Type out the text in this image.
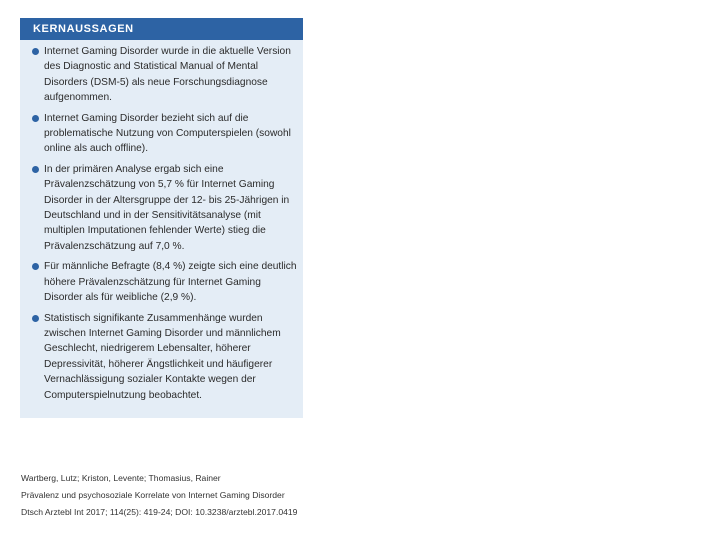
KERNAUSSAGEN
Internet Gaming Disorder wurde in die aktuelle Version des Diagnostic and Statistical Manual of Mental Disorders (DSM-5) als neue Forschungsdiagnose aufgenommen.
Internet Gaming Disorder bezieht sich auf die problematische Nutzung von Computerspielen (sowohl online als auch offline).
In der primären Analyse ergab sich eine Prävalenzschätzung von 5,7 % für Internet Gaming Disorder in der Altersgruppe der 12- bis 25-Jährigen in Deutschland und in der Sensitivitätsanalyse (mit multiplen Imputationen fehlender Werte) stieg die Prävalenzschätzung auf 7,0 %.
Für männliche Befragte (8,4 %) zeigte sich eine deutlich höhere Prävalenzschätzung für Internet Gaming Disorder als für weibliche (2,9 %).
Statistisch signifikante Zusammenhänge wurden zwischen Internet Gaming Disorder und männlichem Geschlecht, niedrigerem Lebensalter, höherer Depressivität, höherer Ängstlichkeit und häufigerer Vernachlässigung sozialer Kontakte wegen der Computerspielnutzung beobachtet.
Wartberg, Lutz; Kriston, Levente; Thomasius, Rainer
Prävalenz und psychosoziale Korrelate von Internet Gaming Disorder
Dtsch Arztebl Int 2017; 114(25): 419-24; DOI: 10.3238/arztebl.2017.0419
